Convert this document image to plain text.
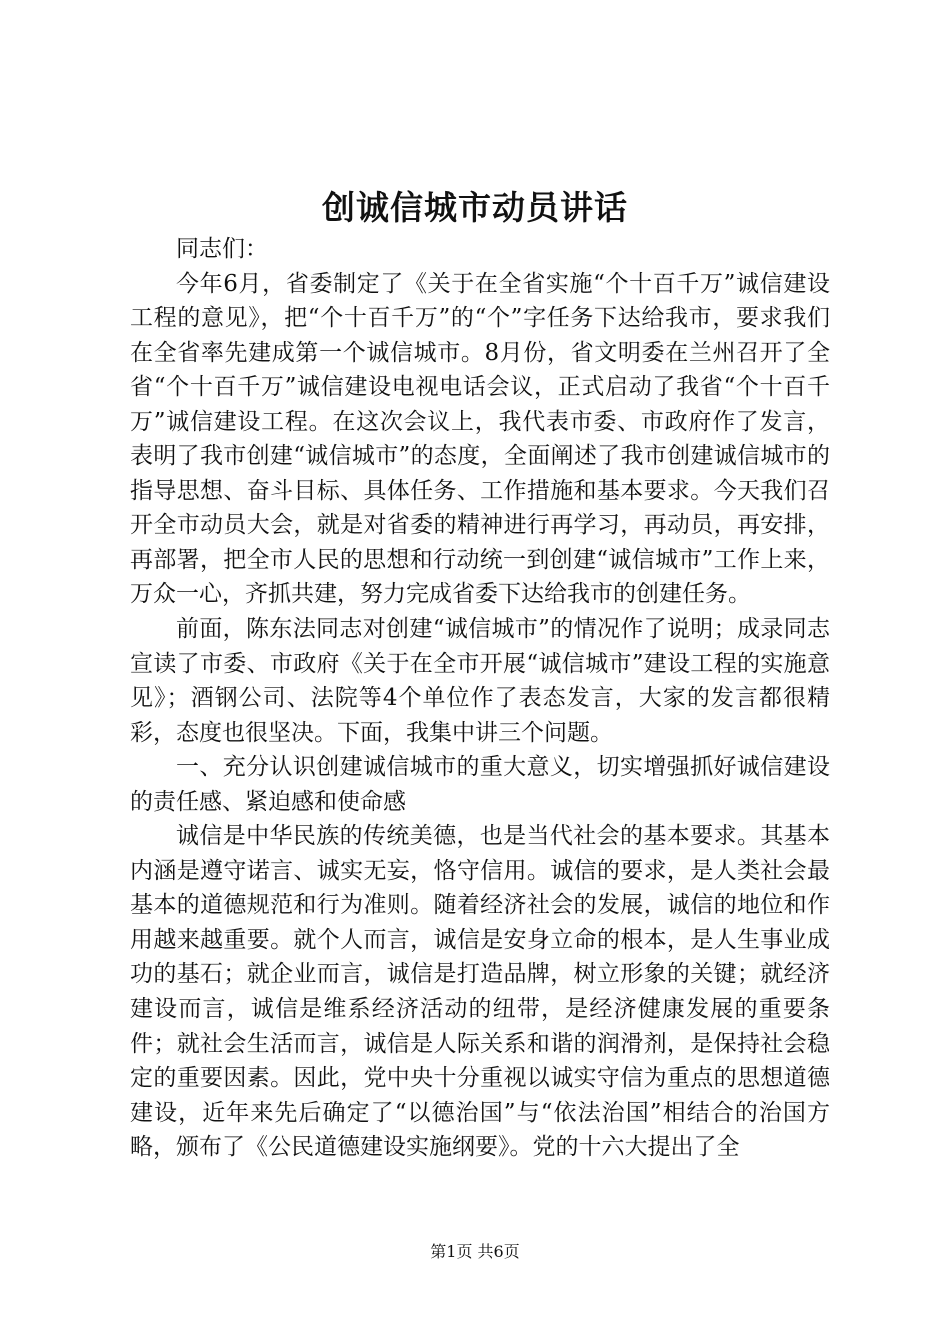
创诚信城市动员讲话

同志们：

今年6月，省委制定了《关于在全省实施“个十百千万”诚信建设工程的意见》，把“个十百千万”的“个”字任务下达给我市，要求我们在全省率先建成第一个诚信城市。8月份，省文明委在兰州召开了全省“个十百千万”诚信建设电视电话会议，正式启动了我省“个十百千万”诚信建设工程。在这次会议上，我代表市委、市政府作了发言，表明了我市创建“诚信城市”的态度，全面阐述了我市创建诚信城市的指导思想、奋斗目标、具体任务、工作措施和基本要求。今天我们召开全市动员大会，就是对省委的精神进行再学习，再动员，再安排，再部署，把全市人民的思想和行动统一到创建“诚信城市”工作上来，万众一心，齐抓共建，努力完成省委下达给我市的创建任务。

前面，陈东法同志对创建“诚信城市”的情况作了说明；成录同志宣读了市委、市政府《关于在全市开展“诚信城市”建设工程的实施意见》；酒钢公司、法院等4个单位作了表态发言，大家的发言都很精彩，态度也很坚决。下面，我集中讲三个问题。

一、充分认识创建诚信城市的重大意义，切实增强抓好诚信建设的责任感、紧迫感和使命感

诚信是中华民族的传统美德，也是当代社会的基本要求。其基本内涵是遵守诺言、诚实无妄，恪守信用。诚信的要求，是人类社会最基本的道德规范和行为准则。随着经济社会的发展，诚信的地位和作用越来越重要。就个人而言，诚信是安身立命的根本，是人生事业成功的基石；就企业而言，诚信是打造品牌，树立形象的关键；就经济建设而言，诚信是维系经济活动的纽带，是经济健康发展的重要条件；就社会生活而言，诚信是人际关系和谐的润滑剂，是保持社会稳定的重要因素。因此，党中央十分重视以诚实守信为重点的思想道德建设，近年来先后确定了“以德治国”与“依法治国”相结合的治国方略，颁布了《公民道德建设实施纲要》。党的十六大提出了全

第1页 共6页
